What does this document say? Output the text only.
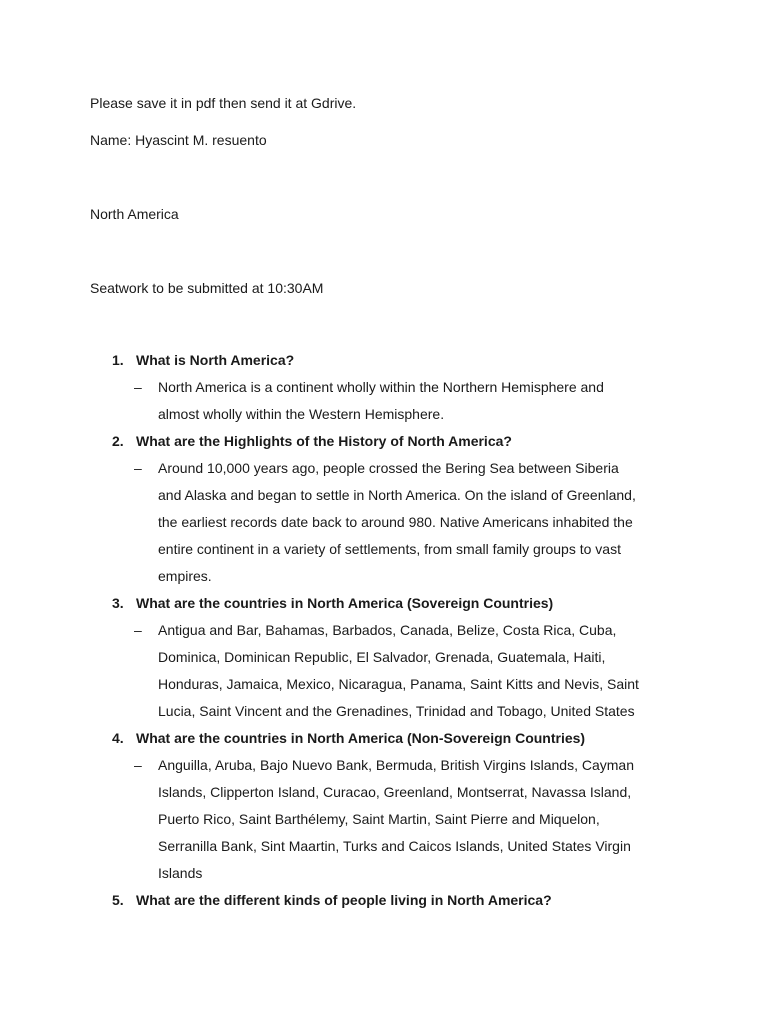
Please save it in pdf then send it at Gdrive.
Name: Hyascint M. resuento
North America
Seatwork to be submitted at 10:30AM
1. What is North America?
–	North America is a continent wholly within the Northern Hemisphere and
almost wholly within the Western Hemisphere.
2. What are the Highlights of the History of North America?
–	Around 10,000 years ago, people crossed the Bering Sea between Siberia
and Alaska and began to settle in North America. On the island of Greenland,
the earliest records date back to around 980. Native Americans inhabited the
entire continent in a variety of settlements, from small family groups to vast
empires.
3. What are the countries in North America (Sovereign Countries)
–	Antigua and Bar, Bahamas, Barbados, Canada, Belize, Costa Rica, Cuba,
Dominica, Dominican Republic, El Salvador, Grenada, Guatemala, Haiti,
Honduras, Jamaica, Mexico, Nicaragua, Panama, Saint Kitts and Nevis, Saint
Lucia, Saint Vincent and the Grenadines, Trinidad and Tobago, United States
4. What are the countries in North America (Non-Sovereign Countries)
–	Anguilla, Aruba, Bajo Nuevo Bank, Bermuda, British Virgins Islands, Cayman
Islands, Clipperton Island, Curacao, Greenland, Montserrat, Navassa Island,
Puerto Rico, Saint Barthélemy, Saint Martin, Saint Pierre and Miquelon,
Serranilla Bank, Sint Maartin, Turks and Caicos Islands, United States Virgin
Islands
5. What are the different kinds of people living in North America?
